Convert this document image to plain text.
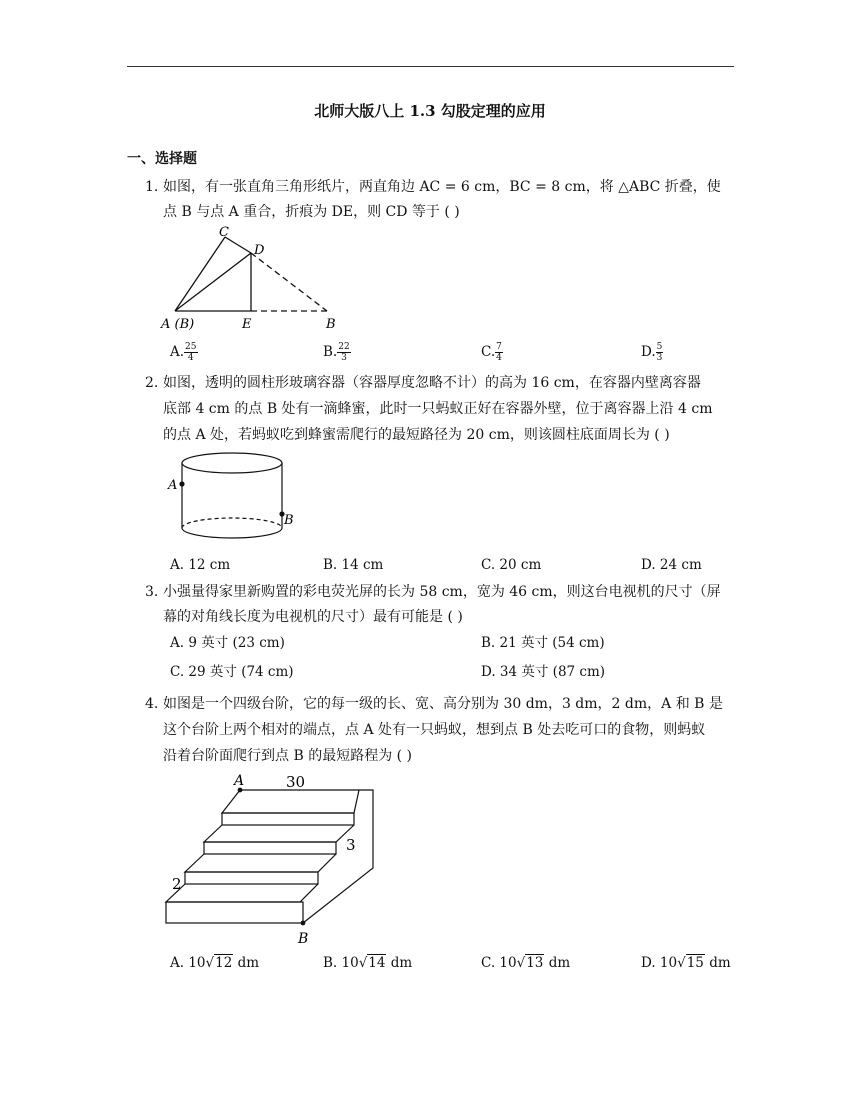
北师大版八上 1.3 勾股定理的应用
一、选择题
1. 如图，有一张直角三角形纸片，两直角边 AC = 6 cm，BC = 8 cm，将 △ABC 折叠，使
点 B 与点 A 重合，折痕为 DE，则 CD 等于 ( )
C
D
A (B)	E	B
A. $\frac{25}{4}$	B. $\frac{22}{3}$	C. $\frac{7}{4}$	D. $\frac{5}{3}$
2. 如图，透明的圆柱形玻璃容器（容器厚度忽略不计）的高为 16 cm，在容器内壁离容器
底部 4 cm 的点 B 处有一滴蜂蜜，此时一只蚂蚁正好在容器外壁，位于离容器上沿 4 cm
的点 A 处，若蚂蚁吃到蜂蜜需爬行的最短路径为 20 cm，则该圆柱底面周长为 ( )
A
B
A. 12 cm	B. 14 cm	C. 20 cm	D. 24 cm
3. 小强量得家里新购置的彩电荧光屏的长为 58 cm，宽为 46 cm，则这台电视机的尺寸（屏
幕的对角线长度为电视机的尺寸）最有可能是 ( )
A. 9 英寸 (23 cm)	B. 21 英寸 (54 cm)
C. 29 英寸 (74 cm)	D. 34 英寸 (87 cm)
4. 如图是一个四级台阶，它的每一级的长、宽、高分别为 30 dm，3 dm，2 dm，A 和 B 是
这个台阶上两个相对的端点，点 A 处有一只蚂蚁，想到点 B 处去吃可口的食物，则蚂蚁
沿着台阶面爬行到点 B 的最短路程为 ( )
A	30
3
2
B
A. 10√12 dm	B. 10√14 dm	C. 10√13 dm	D. 10√15 dm
